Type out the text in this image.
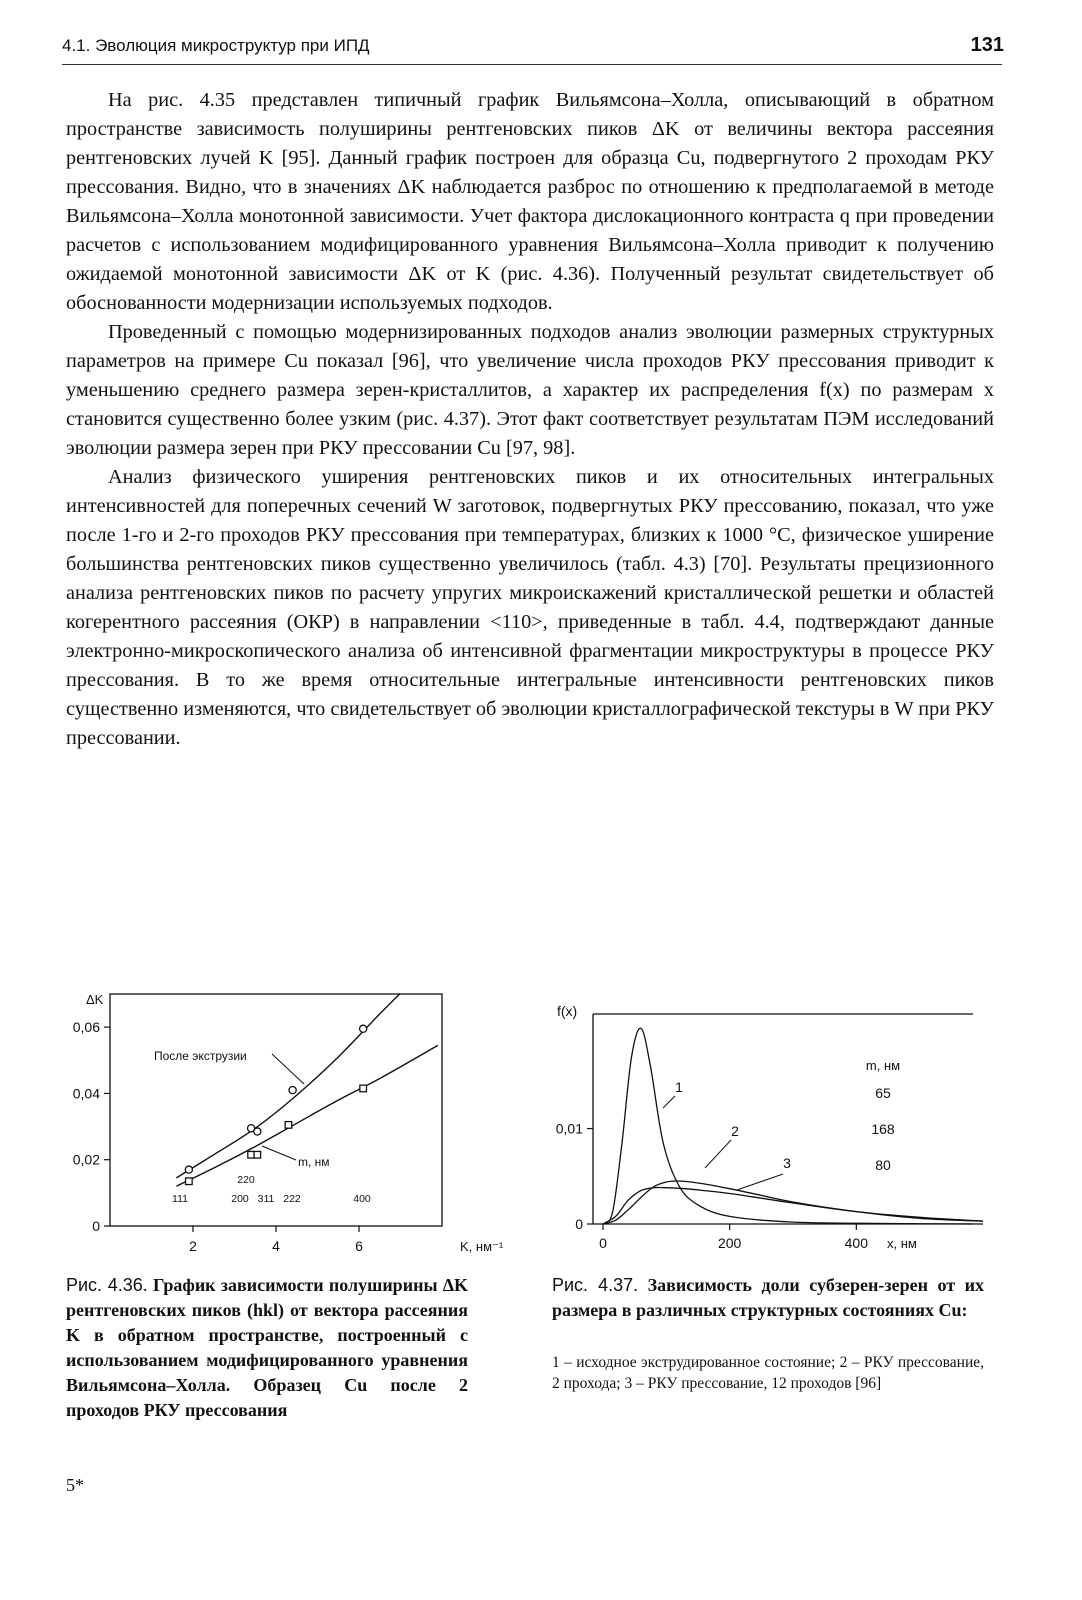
4.1. Эволюция микроструктур при ИПД	131

На рис. 4.35 представлен типичный график Вильямсона–Холла, описывающий в обратном пространстве зависимость полуширины рентгеновских пиков ΔK от величины вектора рассеяния рентгеновских лучей K [95]. Данный график построен для образца Cu, подвергнутого 2 проходам РКУ прессования. Видно, что в значениях ΔK наблюдается разброс по отношению к предполагаемой в методе Вильямсона–Холла монотонной зависимости. Учет фактора дислокационного контраста q при проведении расчетов с использованием модифицированного уравнения Вильямсона–Холла приводит к получению ожидаемой монотонной зависимости ΔK от K (рис. 4.36). Полученный результат свидетельствует об обоснованности модернизации используемых подходов.

Проведенный с помощью модернизированных подходов анализ эволюции размерных структурных параметров на примере Cu показал [96], что увеличение числа проходов РКУ прессования приводит к уменьшению среднего размера зерен-кристаллитов, а характер их распределения f(x) по размерам x становится существенно более узким (рис. 4.37). Этот факт соответствует результатам ПЭМ исследований эволюции размера зерен при РКУ прессовании Cu [97, 98].

Анализ физического уширения рентгеновских пиков и их относительных интегральных интенсивностей для поперечных сечений W заготовок, подвергнутых РКУ прессованию, показал, что уже после 1-го и 2-го проходов РКУ прессования при температурах, близких к 1000 °C, физическое уширение большинства рентгеновских пиков существенно увеличилось (табл. 4.3) [70]. Результаты прецизионного анализа рентгеновских пиков по расчету упругих микроискажений кристаллической решетки и областей когерентного рассеяния (ОКР) в направлении <110>, приведенные в табл. 4.4, подтверждают данные электронно-микроскопического анализа об интенсивной фрагментации микроструктуры в процессе РКУ прессования. В то же время относительные интегральные интенсивности рентгеновских пиков существенно изменяются, что свидетельствует об эволюции кристаллографической текстуры в W при РКУ прессовании.

0
0,02
0,04
0,06
2	4	6
ΔK
K, нм⁻¹
После экструзии
m, нм
111	200
220
311 222	400
Рис. 4.36. График зависимости полуширины ΔK рентгеновских пиков (hkl) от вектора рассеяния K в обратном пространстве, построенный с использованием модифицированного уравнения Вильямсона–Холла. Образец Cu после 2 проходов РКУ прессования
0
0,01
0	200	400
f(x)
x, нм
1
2
3
m, нм
65
168
80
Рис. 4.37. Зависимость доли субзерен-зерен от их размера в различных структурных состояниях Cu:
1 – исходное экструдированное состояние; 2 – РКУ прессование, 2 прохода; 3 – РКУ прессование, 12 проходов [96]
5*
